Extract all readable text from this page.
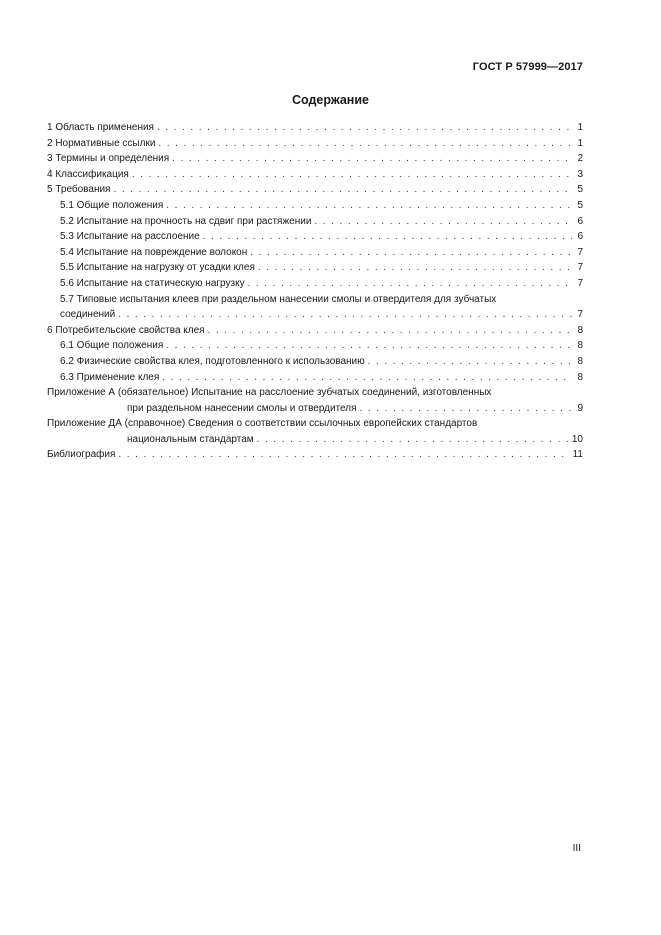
ГОСТ Р 57999—2017
Содержание
1 Область применения . . .	1
2 Нормативные ссылки . . .	1
3 Термины и определения . . .	2
4 Классификация . . .	3
5 Требования . . .	5
5.1 Общие положения . . .	5
5.2 Испытание на прочность на сдвиг при растяжении . . .	6
5.3 Испытание на расслоение . . .	6
5.4 Испытание на повреждение волокон . . .	7
5.5 Испытание на нагрузку от усадки клея . . .	7
5.6 Испытание на статическую нагрузку . . .	7
5.7 Типовые испытания клеев при раздельном нанесении смолы и отвердителя для зубчатых
соединений . . .	7
6 Потребительские свойства клея . . .	8
6.1 Общие положения . . .	8
6.2 Физические свойства клея, подготовленного к использованию . . .	8
6.3 Применение клея . . .	8
Приложение А (обязательное) Испытание на расслоение зубчатых соединений, изготовленных
при раздельном нанесении смолы и отвердителя . . .	9
Приложение ДА (справочное) Сведения о соответствии ссылочных европейских стандартов
национальным стандартам . . .	10
Библиография . . .	11
III
